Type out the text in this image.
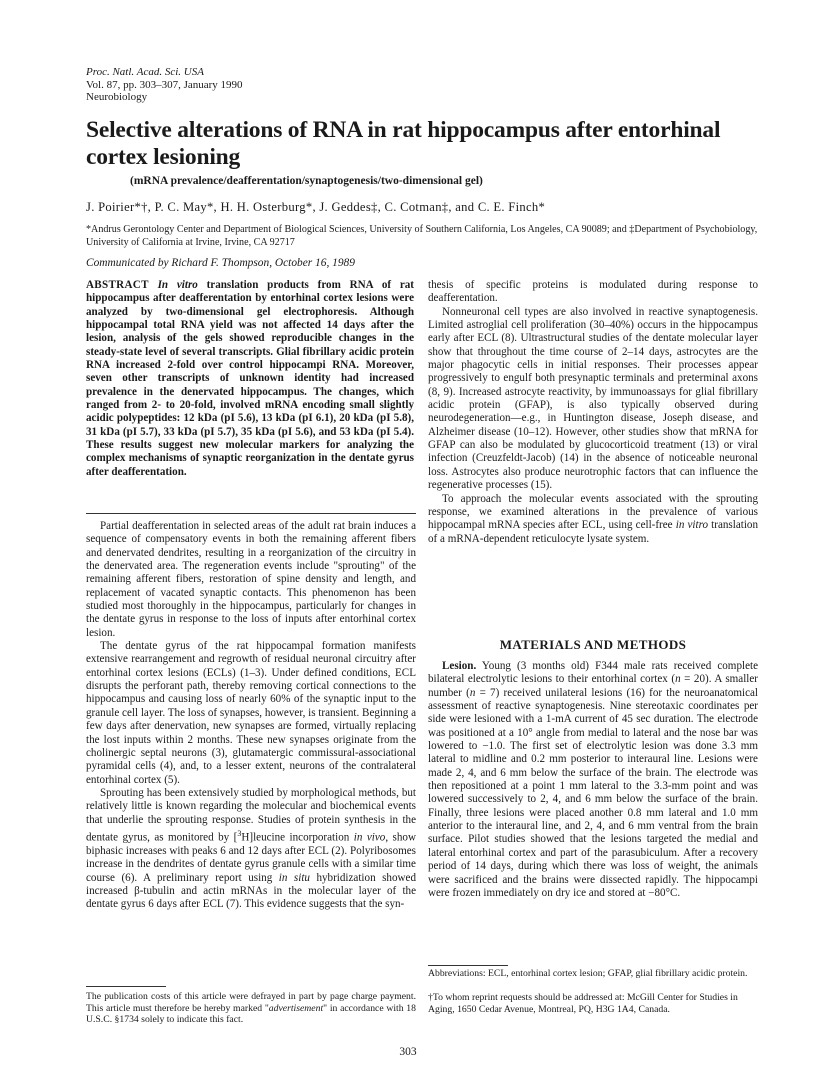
Proc. Natl. Acad. Sci. USA
Vol. 87, pp. 303–307, January 1990
Neurobiology
Selective alterations of RNA in rat hippocampus after entorhinal cortex lesioning
(mRNA prevalence/deafferentation/synaptogenesis/two-dimensional gel)
J. Poirier*†, P. C. May*, H. H. Osterburg*, J. Geddes‡, C. Cotman‡, and C. E. Finch*
*Andrus Gerontology Center and Department of Biological Sciences, University of Southern California, Los Angeles, CA 90089; and ‡Department of Psychobiology, University of California at Irvine, Irvine, CA 92717
Communicated by Richard F. Thompson, October 16, 1989
ABSTRACT In vitro translation products from RNA of rat hippocampus after deafferentation by entorhinal cortex lesions were analyzed by two-dimensional gel electrophoresis. Although hippocampal total RNA yield was not affected 14 days after the lesion, analysis of the gels showed reproducible changes in the steady-state level of several transcripts. Glial fibrillary acidic protein RNA increased 2-fold over control hippocampi RNA. Moreover, seven other transcripts of unknown identity had increased prevalence in the denervated hippocampus. The changes, which ranged from 2- to 20-fold, involved mRNA encoding small slightly acidic polypeptides: 12 kDa (pI 5.6), 13 kDa (pI 6.1), 20 kDa (pI 5.8), 31 kDa (pI 5.7), 33 kDa (pI 5.7), 35 kDa (pI 5.6), and 53 kDa (pI 5.4). These results suggest new molecular markers for analyzing the complex mechanisms of synaptic reorganization in the dentate gyrus after deafferentation.

Partial deafferentation in selected areas of the adult rat brain induces a sequence of compensatory events in both the remaining afferent fibers and denervated dendrites, resulting in a reorganization of the circuitry in the denervated area. The regeneration events include "sprouting" of the remaining afferent fibers, restoration of spine density and length, and replacement of vacated synaptic contacts. This phenomenon has been studied most thoroughly in the hippocampus, particularly for changes in the dentate gyrus in response to the loss of inputs after entorhinal cortex lesion.

The dentate gyrus of the rat hippocampal formation manifests extensive rearrangement and regrowth of residual neuronal circuitry after entorhinal cortex lesions (ECLs) (1–3). Under defined conditions, ECL disrupts the perforant path, thereby removing cortical connections to the hippocampus and causing loss of nearly 60% of the synaptic input to the granule cell layer. The loss of synapses, however, is transient. Beginning a few days after denervation, new synapses are formed, virtually replacing the lost inputs within 2 months. These new synapses originate from the cholinergic septal neurons (3), glutamatergic commissural-associational pyramidal cells (4), and, to a lesser extent, neurons of the contralateral entorhinal cortex (5).

Sprouting has been extensively studied by morphological methods, but relatively little is known regarding the molecular and biochemical events that underlie the sprouting response. Studies of protein synthesis in the dentate gyrus, as monitored by [$^3$H]leucine incorporation in vivo, show biphasic increases with peaks 6 and 12 days after ECL (2). Polyribosomes increase in the dendrites of dentate gyrus granule cells with a similar time course (6). A preliminary report using in situ hybridization showed increased β-tubulin and actin mRNAs in the molecular layer of the dentate gyrus 6 days after ECL (7). This evidence suggests that the syn-

thesis of specific proteins is modulated during response to deafferentation.

Nonneuronal cell types are also involved in reactive synaptogenesis. Limited astroglial cell proliferation (30–40%) occurs in the hippocampus early after ECL (8). Ultrastructural studies of the dentate molecular layer show that throughout the time course of 2–14 days, astrocytes are the major phagocytic cells in initial responses. Their processes appear progressively to engulf both presynaptic terminals and preterminal axons (8, 9). Increased astrocyte reactivity, by immunoassays for glial fibrillary acidic protein (GFAP), is also typically observed during neurodegeneration—e.g., in Huntington disease, Joseph disease, and Alzheimer disease (10–12). However, other studies show that mRNA for GFAP can also be modulated by glucocorticoid treatment (13) or viral infection (Creuzfeldt-Jacob) (14) in the absence of noticeable neuronal loss. Astrocytes also produce neurotrophic factors that can influence the regenerative processes (15).

To approach the molecular events associated with the sprouting response, we examined alterations in the prevalence of various hippocampal mRNA species after ECL, using cell-free in vitro translation of a mRNA-dependent reticulocyte lysate system.

MATERIALS AND METHODS

Lesion. Young (3 months old) F344 male rats received complete bilateral electrolytic lesions to their entorhinal cortex (n = 20). A smaller number (n = 7) received unilateral lesions (16) for the neuroanatomical assessment of reactive synaptogenesis. Nine stereotaxic coordinates per side were lesioned with a 1-mA current of 45 sec duration. The electrode was positioned at a 10° angle from medial to lateral and the nose bar was lowered to −1.0. The first set of electrolytic lesion was done 3.3 mm lateral to midline and 0.2 mm posterior to interaural line. Lesions were made 2, 4, and 6 mm below the surface of the brain. The electrode was then repositioned at a point 1 mm lateral to the 3.3-mm point and was lowered successively to 2, 4, and 6 mm below the surface of the brain. Finally, three lesions were placed another 0.8 mm lateral and 1.0 mm anterior to the interaural line, and 2, 4, and 6 mm ventral from the brain surface. Pilot studies showed that the lesions targeted the medial and lateral entorhinal cortex and part of the parasubiculum. After a recovery period of 14 days, during which there was loss of weight, the animals were sacrificed and the brains were dissected rapidly. The hippocampi were frozen immediately on dry ice and stored at −80°C.

The publication costs of this article were defrayed in part by page charge payment. This article must therefore be hereby marked "advertisement" in accordance with 18 U.S.C. §1734 solely to indicate this fact.
Abbreviations: ECL, entorhinal cortex lesion; GFAP, glial fibrillary acidic protein.
†To whom reprint requests should be addressed at: McGill Center for Studies in Aging, 1650 Cedar Avenue, Montreal, PQ, H3G 1A4, Canada.
303
